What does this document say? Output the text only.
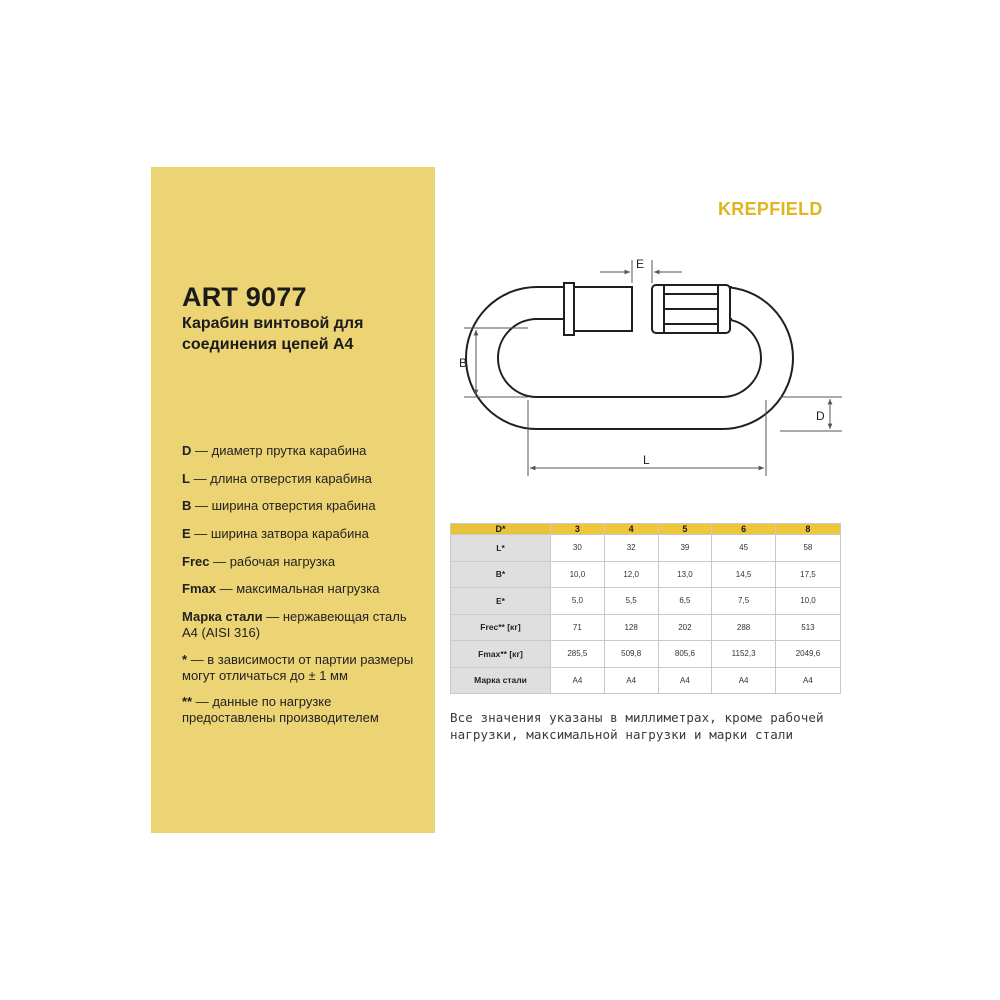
ART 9077
Карабин винтовой для соединения цепей А4
D — диаметр прутка карабина
L — длина отверстия карабина
B — ширина отверстия крабина
E — ширина затвора карабина
Frec — рабочая нагрузка
Fmax — максимальная нагрузка
Марка стали — нержавеющая сталь А4 (AISI 316)
* — в зависимости от партии размеры могут отличаться до ± 1 мм
** — данные по нагрузке предоставлены производителем
KREPFIELD
E
B
D
L
D*	3	4	5	6	8
L*	30	32	39	45	58
B*	10,0	12,0	13,0	14,5	17,5
E*	5,0	5,5	6,5	7,5	10,0
Frec** [кг]	71	128	202	288	513
Fmax** [кг]	285,5	509,8	805,6	1152,3	2049,6
Марка стали	A4	A4	A4	A4	A4
Все значения указаны в миллиметрах, кроме рабочей нагрузки, максимальной нагрузки и марки стали
